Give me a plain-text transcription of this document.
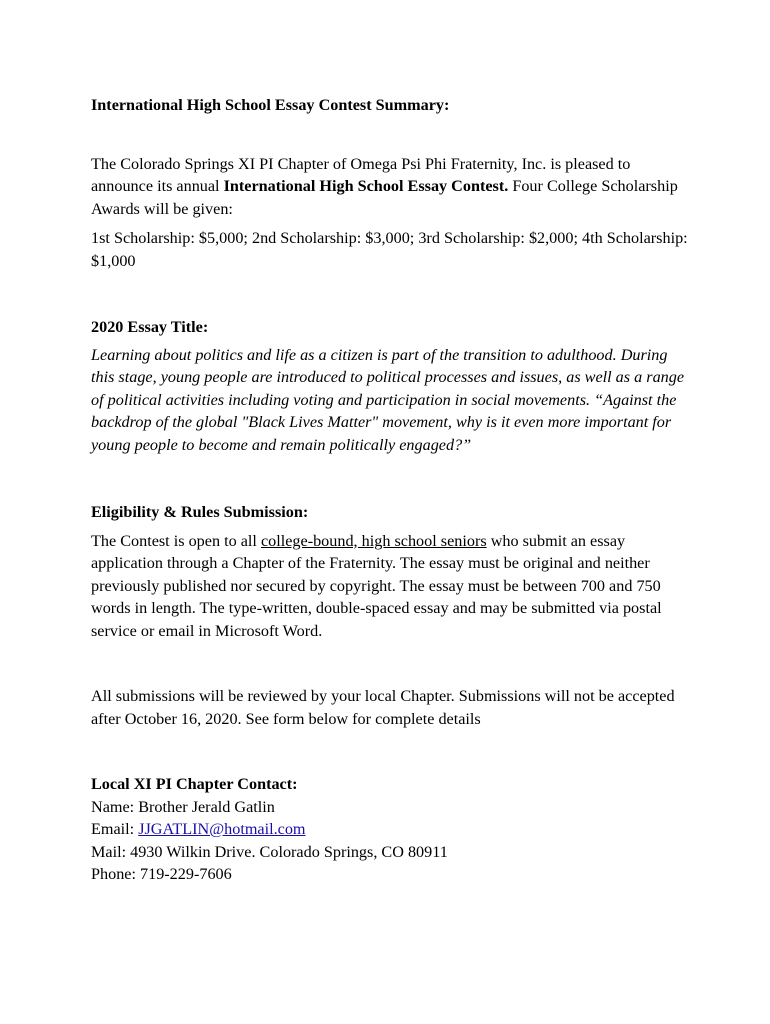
International High School Essay Contest Summary:

The Colorado Springs XI PI Chapter of Omega Psi Phi Fraternity, Inc. is pleased to announce its annual International High School Essay Contest. Four College Scholarship Awards will be given:

1st Scholarship: $5,000; 2nd Scholarship: $3,000; 3rd Scholarship: $2,000; 4th Scholarship: $1,000

2020 Essay Title:

Learning about politics and life as a citizen is part of the transition to adulthood. During this stage, young people are introduced to political processes and issues, as well as a range of political activities including voting and participation in social movements. “Against the backdrop of the global "Black Lives Matter" movement, why is it even more important for young people to become and remain politically engaged?”

Eligibility & Rules Submission:

The Contest is open to all college-bound, high school seniors who submit an essay application through a Chapter of the Fraternity. The essay must be original and neither previously published nor secured by copyright. The essay must be between 700 and 750 words in length. The type-written, double-spaced essay and may be submitted via postal service or email in Microsoft Word.

All submissions will be reviewed by your local Chapter. Submissions will not be accepted after October 16, 2020. See form below for complete details

Local XI PI Chapter Contact:

Name: Brother Jerald Gatlin

Email: JJGATLIN@hotmail.com

Mail: 4930 Wilkin Drive. Colorado Springs, CO 80911

Phone: 719-229-7606
